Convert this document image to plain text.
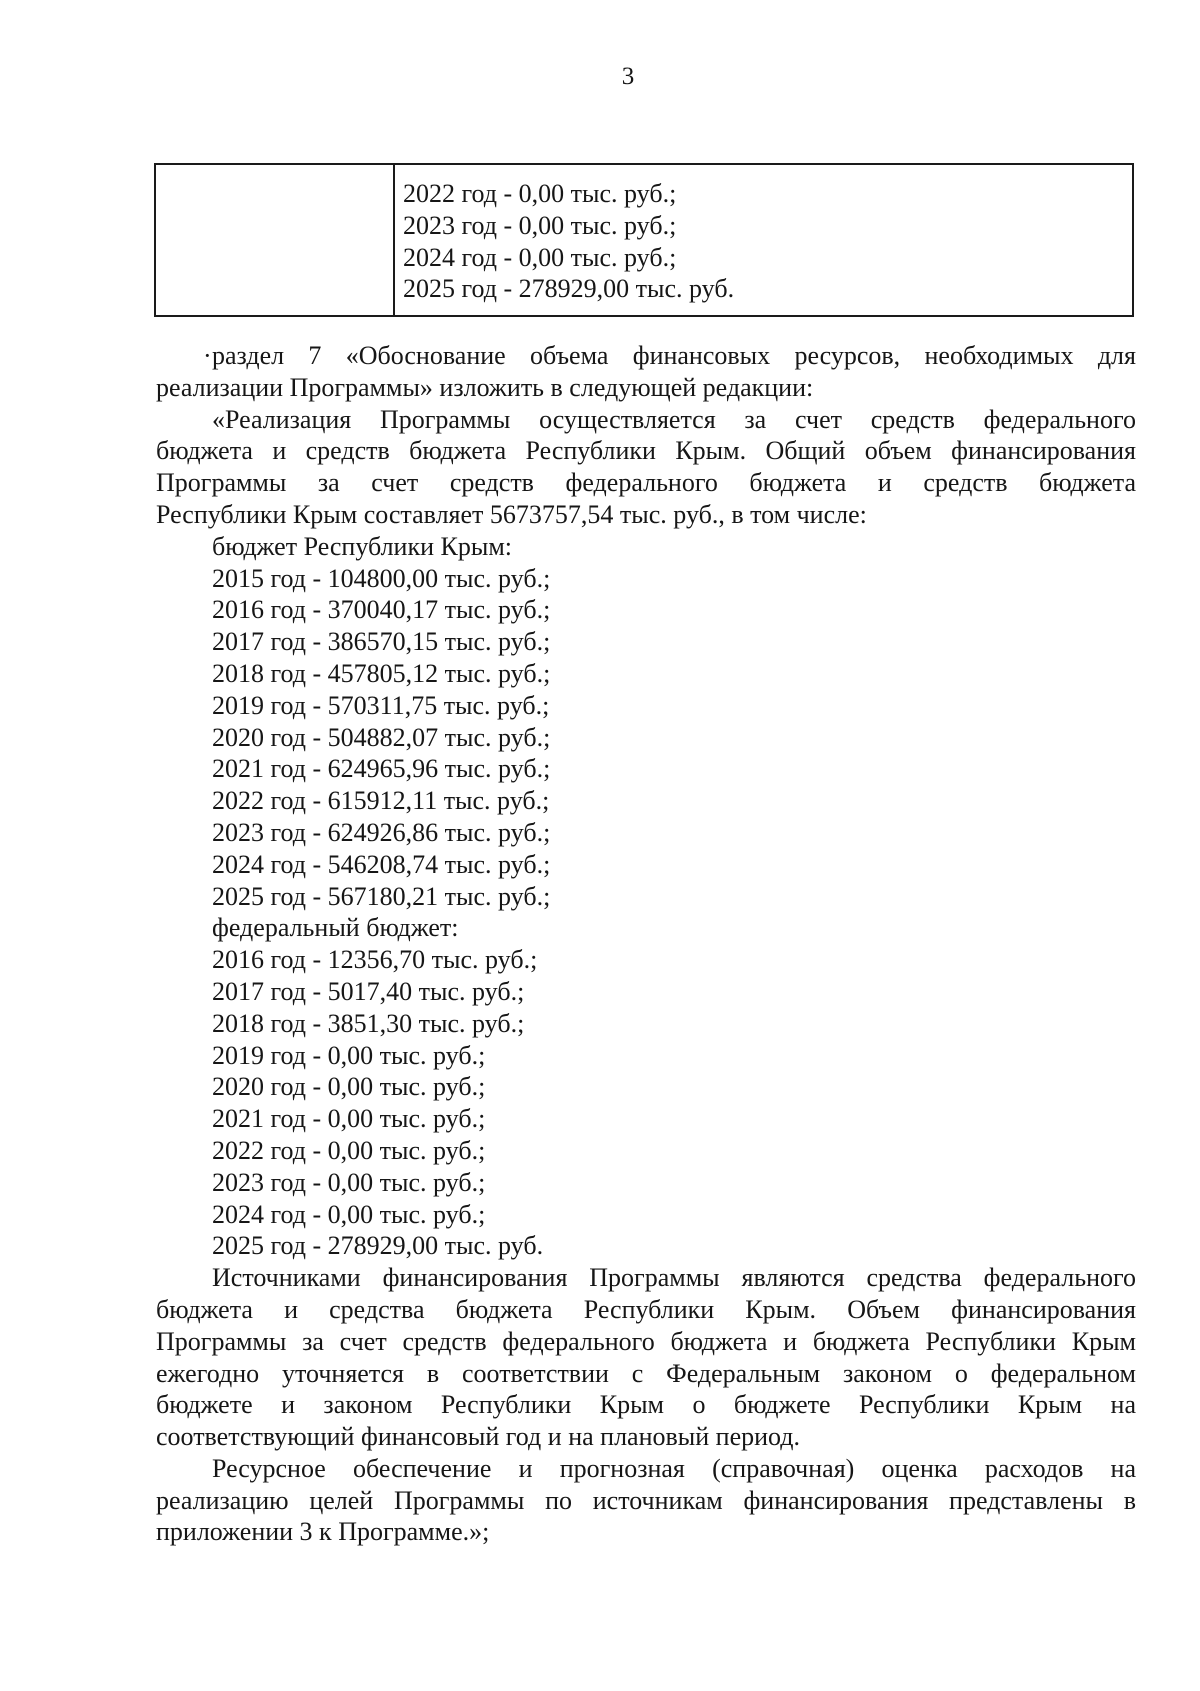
3
2022 год - 0,00 тыс. руб.;
2023 год - 0,00 тыс. руб.;
2024 год - 0,00 тыс. руб.;
2025 год - 278929,00 тыс. руб.
· раздел 7 «Обоснование объема финансовых ресурсов, необходимых для
реализации Программы» изложить в следующей редакции:
«Реализация Программы осуществляется за счет средств федерального
бюджета и средств бюджета Республики Крым. Общий объем финансирования
Программы за счет средств федерального бюджета и средств бюджета
Республики Крым составляет 5673757,54 тыс. руб., в том числе:
бюджет Республики Крым:
2015 год - 104800,00 тыс. руб.;
2016 год - 370040,17 тыс. руб.;
2017 год - 386570,15 тыс. руб.;
2018 год - 457805,12 тыс. руб.;
2019 год - 570311,75 тыс. руб.;
2020 год - 504882,07 тыс. руб.;
2021 год - 624965,96 тыс. руб.;
2022 год - 615912,11 тыс. руб.;
2023 год - 624926,86 тыс. руб.;
2024 год - 546208,74 тыс. руб.;
2025 год - 567180,21 тыс. руб.;
федеральный бюджет:
2016 год - 12356,70 тыс. руб.;
2017 год - 5017,40 тыс. руб.;
2018 год - 3851,30 тыс. руб.;
2019 год - 0,00 тыс. руб.;
2020 год - 0,00 тыс. руб.;
2021 год - 0,00 тыс. руб.;
2022 год - 0,00 тыс. руб.;
2023 год - 0,00 тыс. руб.;
2024 год - 0,00 тыс. руб.;
2025 год - 278929,00 тыс. руб.
Источниками финансирования Программы являются средства федерального
бюджета и средства бюджета Республики Крым. Объем финансирования
Программы за счет средств федерального бюджета и бюджета Республики Крым
ежегодно уточняется в соответствии с Федеральным законом о федеральном
бюджете и законом Республики Крым о бюджете Республики Крым на
соответствующий финансовый год и на плановый период.
Ресурсное обеспечение и прогнозная (справочная) оценка расходов на
реализацию целей Программы по источникам финансирования представлены в
приложении 3 к Программе.»;
